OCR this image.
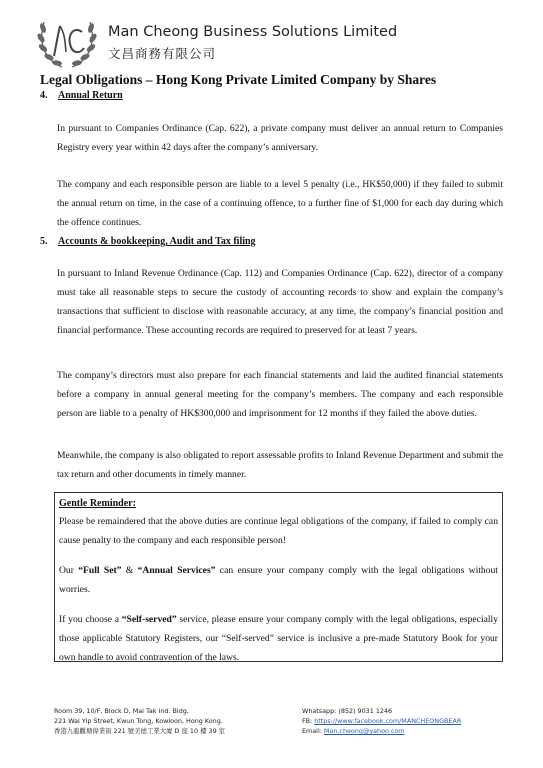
Man Cheong Business Solutions Limited
文昌商務有限公司
Legal Obligations – Hong Kong Private Limited Company by Shares
4. Annual Return

In pursuant to Companies Ordinance (Cap. 622), a private company must deliver an annual return to Companies Registry every year within 42 days after the company’s anniversary.

The company and each responsible person are liable to a level 5 penalty (i.e., HK$50,000) if they failed to submit the annual return on time, in the case of a continuing offence, to a further fine of $1,000 for each day during which the offence continues.

5. Accounts & bookkeeping, Audit and Tax filing

In pursuant to Inland Revenue Ordinance (Cap. 112) and Companies Ordinance (Cap. 622), director of a company must take all reasonable steps to secure the custody of accounting records to show and explain the company’s transactions that sufficient to disclose with reasonable accuracy, at any time, the company’s financial position and financial performance. These accounting records are required to preserved for at least 7 years.

The company’s directors must also prepare for each financial statements and laid the audited financial statements before a company in annual general meeting for the company’s members. The company and each responsible person are liable to a penalty of HK$300,000 and imprisonment for 12 months if they failed the above duties.

Meanwhile, the company is also obligated to report assessable profits to Inland Revenue Department and submit the tax return and other documents in timely manner.

Gentle Reminder:

Please be remaindered that the above duties are continue legal obligations of the company, if failed to comply can cause penalty to the company and each responsible person!

Our “Full Set” & “Annual Services” can ensure your company comply with the legal obligations without worries.

If you choose a “Self-served” service, please ensure your company comply with the legal obligations, especially those applicable Statutory Registers, our “Self-served” service is inclusive a pre-made Statutory Book for your own handle to avoid contravention of the laws.

Room 39, 10/F, Block D, Mai Tak Ind. Bldg,
221 Wai Yip Street, Kwun Tong, Kowloon, Hong Kong.
香港九龍觀塘偉業街 221 號美德工業大廈 D 座 10 樓 39 室
Whatsapp: (852) 9031 1246
FB: https://www.facebook.com/MANCHEONGBEAR
Email: Man.cheong@yahoo.com
